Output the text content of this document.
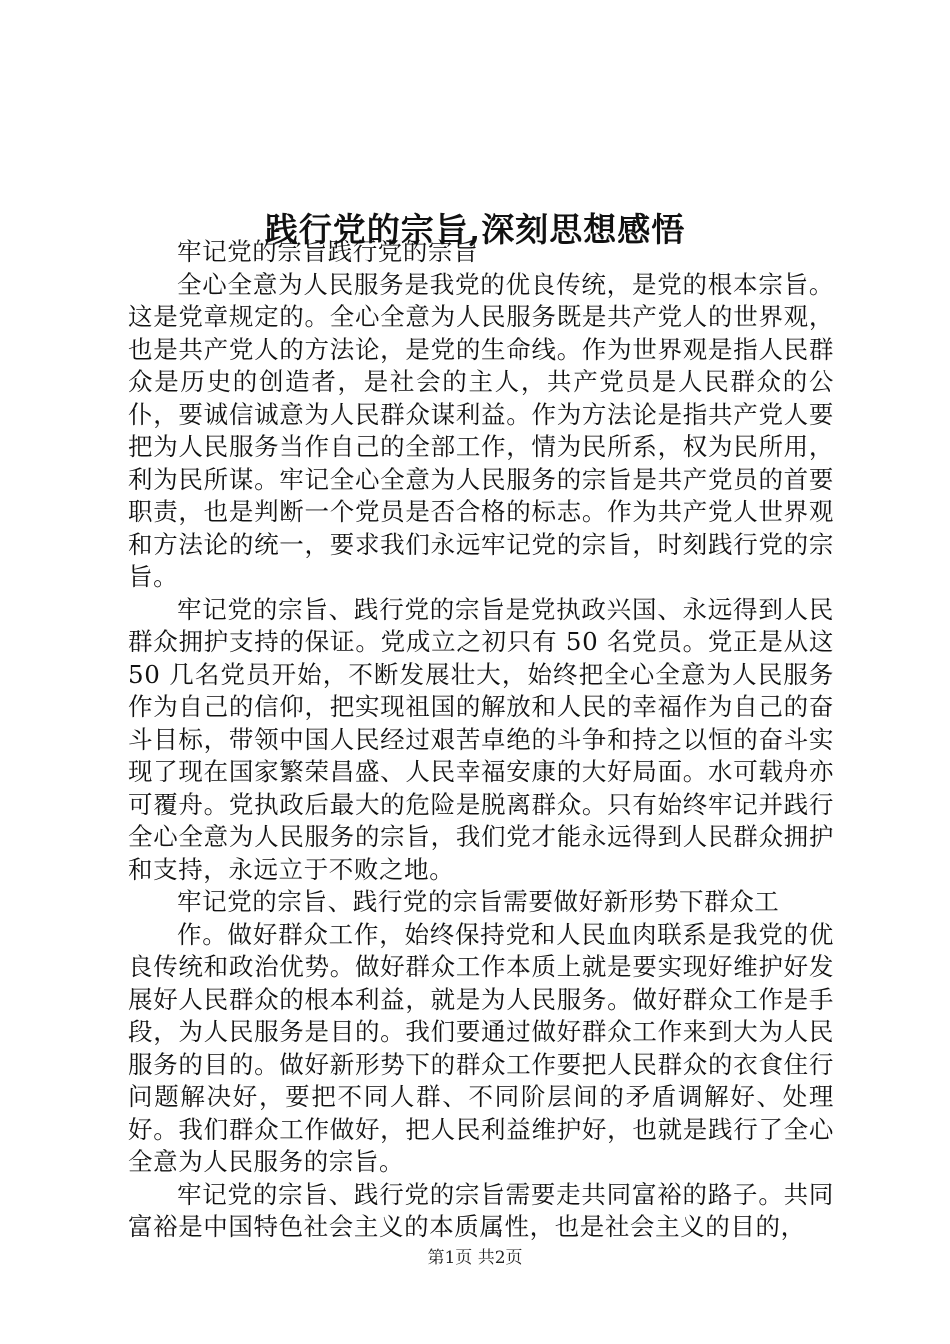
践行党的宗旨,深刻思想感悟

牢记党的宗旨践行党的宗旨

全心全意为人民服务是我党的优良传统，是党的根本宗旨。这是党章规定的。全心全意为人民服务既是共产党人的世界观，也是共产党人的方法论，是党的生命线。作为世界观是指人民群众是历史的创造者，是社会的主人，共产党员是人民群众的公仆，要诚信诚意为人民群众谋利益。作为方法论是指共产党人要把为人民服务当作自己的全部工作，情为民所系，权为民所用，利为民所谋。牢记全心全意为人民服务的宗旨是共产党员的首要职责，也是判断一个党员是否合格的标志。作为共产党人世界观和方法论的统一，要求我们永远牢记党的宗旨，时刻践行党的宗旨。

牢记党的宗旨、践行党的宗旨是党执政兴国、永远得到人民群众拥护支持的保证。党成立之初只有 50 名党员。党正是从这 50 几名党员开始，不断发展壮大，始终把全心全意为人民服务作为自己的信仰，把实现祖国的解放和人民的幸福作为自己的奋斗目标，带领中国人民经过艰苦卓绝的斗争和持之以恒的奋斗实现了现在国家繁荣昌盛、人民幸福安康的大好局面。水可载舟亦可覆舟。党执政后最大的危险是脱离群众。只有始终牢记并践行全心全意为人民服务的宗旨，我们党才能永远得到人民群众拥护和支持，永远立于不败之地。

牢记党的宗旨、践行党的宗旨需要做好新形势下群众工

作。做好群众工作，始终保持党和人民血肉联系是我党的优良传统和政治优势。做好群众工作本质上就是要实现好维护好发展好人民群众的根本利益，就是为人民服务。做好群众工作是手段，为人民服务是目的。我们要通过做好群众工作来到大为人民服务的目的。做好新形势下的群众工作要把人民群众的衣食住行问题解决好，要把不同人群、不同阶层间的矛盾调解好、处理好。我们群众工作做好，把人民利益维护好，也就是践行了全心全意为人民服务的宗旨。

牢记党的宗旨、践行党的宗旨需要走共同富裕的路子。共同富裕是中国特色社会主义的本质属性，也是社会主义的目的，

第1页 共2页
